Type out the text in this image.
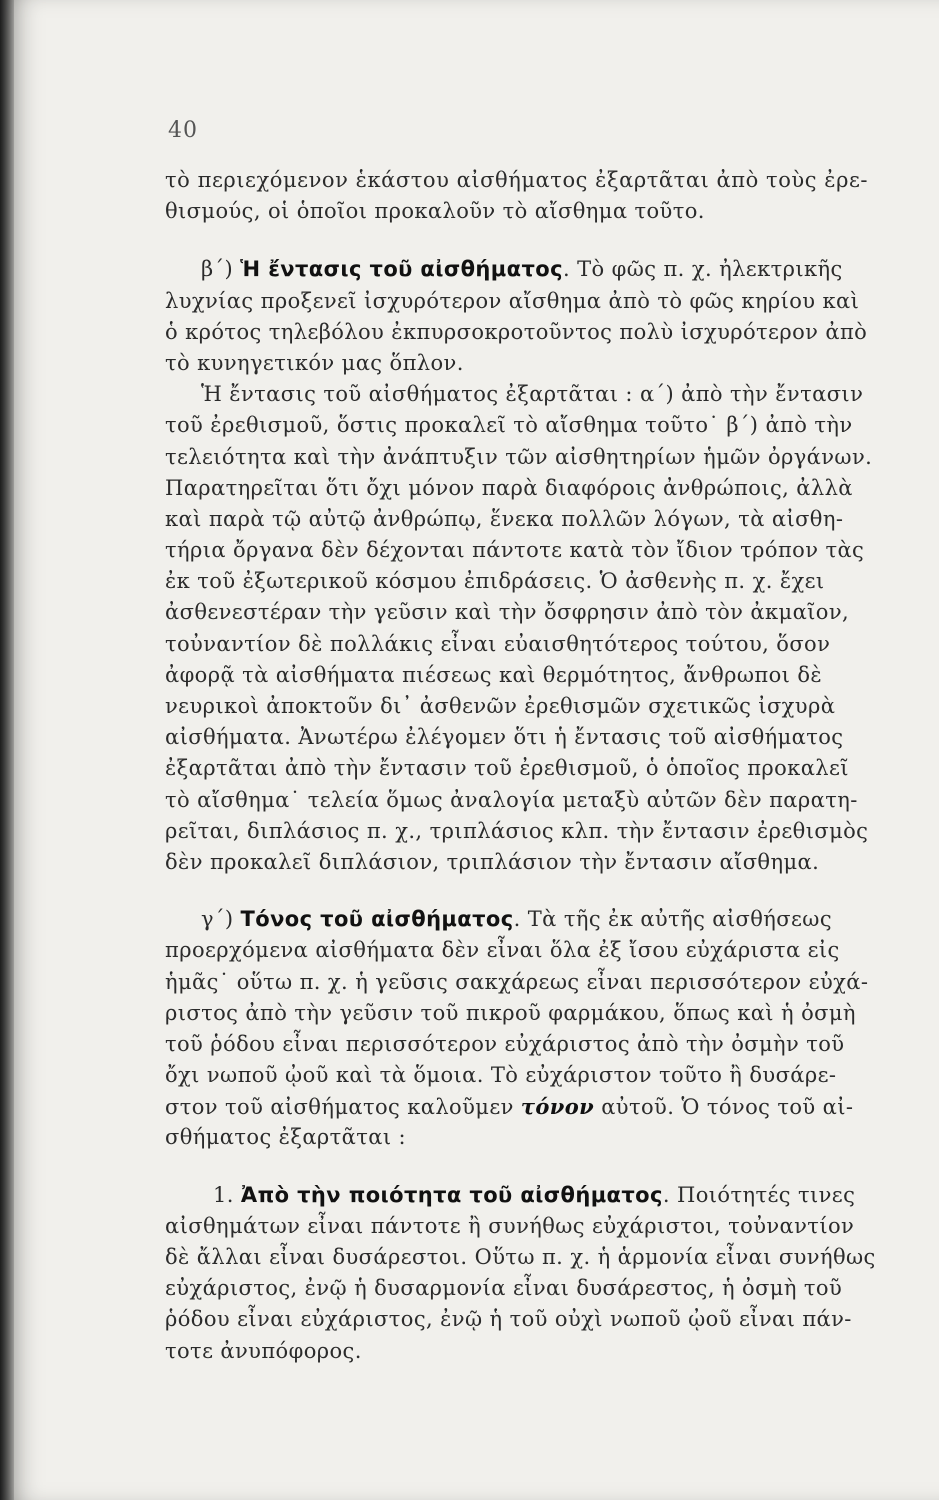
40
τὸ περιεχόμενον ἑκάστου αἰσθήματος ἐξαρτᾶται ἀπὸ τοὺς ἐρε-
θισμούς, οἱ ὁποῖοι προκαλοῦν τὸ αἴσθημα τοῦτο.
β΄) Ἡ ἔντασις τοῦ αἰσθήματος. Τὸ φῶς π. χ. ἠλεκτρικῆς
λυχνίας προξενεῖ ἰσχυρότερον αἴσθημα ἀπὸ τὸ φῶς κηρίου καὶ
ὁ κρότος τηλεβόλου ἐκπυρσοκροτοῦντος πολὺ ἰσχυρότερον ἀπὸ
τὸ κυνηγετικόν μας ὅπλον.
Ἡ ἔντασις τοῦ αἰσθήματος ἐξαρτᾶται : α΄) ἀπὸ τὴν ἔντασιν
τοῦ ἐρεθισμοῦ, ὅστις προκαλεῖ τὸ αἴσθημα τοῦτο˙ β΄) ἀπὸ τὴν
τελειότητα καὶ τὴν ἀνάπτυξιν τῶν αἰσθητηρίων ἡμῶν ὀργάνων.
Παρατηρεῖται ὅτι ὄχι μόνον παρὰ διαφόροις ἀνθρώποις, ἀλλὰ
καὶ παρὰ τῷ αὐτῷ ἀνθρώπῳ, ἕνεκα πολλῶν λόγων, τὰ αἰσθη-
τήρια ὄργανα δὲν δέχονται πάντοτε κατὰ τὸν ἴδιον τρόπον τὰς
ἐκ τοῦ ἐξωτερικοῦ κόσμου ἐπιδράσεις. Ὁ ἀσθενὴς π. χ. ἔχει
ἀσθενεστέραν τὴν γεῦσιν καὶ τὴν ὄσφρησιν ἀπὸ τὸν ἀκμαῖον,
τοὐναντίον δὲ πολλάκις εἶναι εὐαισθητότερος τούτου, ὅσον
ἀφορᾷ τὰ αἰσθήματα πιέσεως καὶ θερμότητος, ἄνθρωποι δὲ
νευρικοὶ ἀποκτοῦν δι᾿ ἀσθενῶν ἐρεθισμῶν σχετικῶς ἰσχυρὰ
αἰσθήματα. Ἀνωτέρω ἐλέγομεν ὅτι ἡ ἔντασις τοῦ αἰσθήματος
ἐξαρτᾶται ἀπὸ τὴν ἔντασιν τοῦ ἐρεθισμοῦ, ὁ ὁποῖος προκαλεῖ
τὸ αἴσθημα˙ τελεία ὅμως ἀναλογία μεταξὺ αὐτῶν δὲν παρατη-
ρεῖται, διπλάσιος π. χ., τριπλάσιος κλπ. τὴν ἔντασιν ἐρεθισμὸς
δὲν προκαλεῖ διπλάσιον, τριπλάσιον τὴν ἔντασιν αἴσθημα.
γ΄) Τόνος τοῦ αἰσθήματος. Τὰ τῆς ἐκ αὐτῆς αἰσθήσεως
προερχόμενα αἰσθήματα δὲν εἶναι ὅλα ἐξ ἴσου εὐχάριστα εἰς
ἡμᾶς˙ οὕτω π. χ. ἡ γεῦσις σακχάρεως εἶναι περισσότερον εὐχά-
ριστος ἀπὸ τὴν γεῦσιν τοῦ πικροῦ φαρμάκου, ὅπως καὶ ἡ ὀσμὴ
τοῦ ῥόδου εἶναι περισσότερον εὐχάριστος ἀπὸ τὴν ὀσμὴν τοῦ
ὄχι νωποῦ ᾠοῦ καὶ τὰ ὅμοια. Τὸ εὐχάριστον τοῦτο ἢ δυσάρε-
στον τοῦ αἰσθήματος καλοῦμεν τόνον αὐτοῦ. Ὁ τόνος τοῦ αἰ-
σθήματος ἐξαρτᾶται :
1. Ἀπὸ τὴν ποιότητα τοῦ αἰσθήματος. Ποιότητές τινες
αἰσθημάτων εἶναι πάντοτε ἢ συνήθως εὐχάριστοι, τοὐναντίον
δὲ ἄλλαι εἶναι δυσάρεστοι. Οὕτω π. χ. ἡ ἁρμονία εἶναι συνήθως
εὐχάριστος, ἐνῷ ἡ δυσαρμονία εἶναι δυσάρεστος, ἡ ὀσμὴ τοῦ
ῥόδου εἶναι εὐχάριστος, ἐνῷ ἡ τοῦ οὐχὶ νωποῦ ᾠοῦ εἶναι πάν-
τοτε ἀνυπόφορος.
